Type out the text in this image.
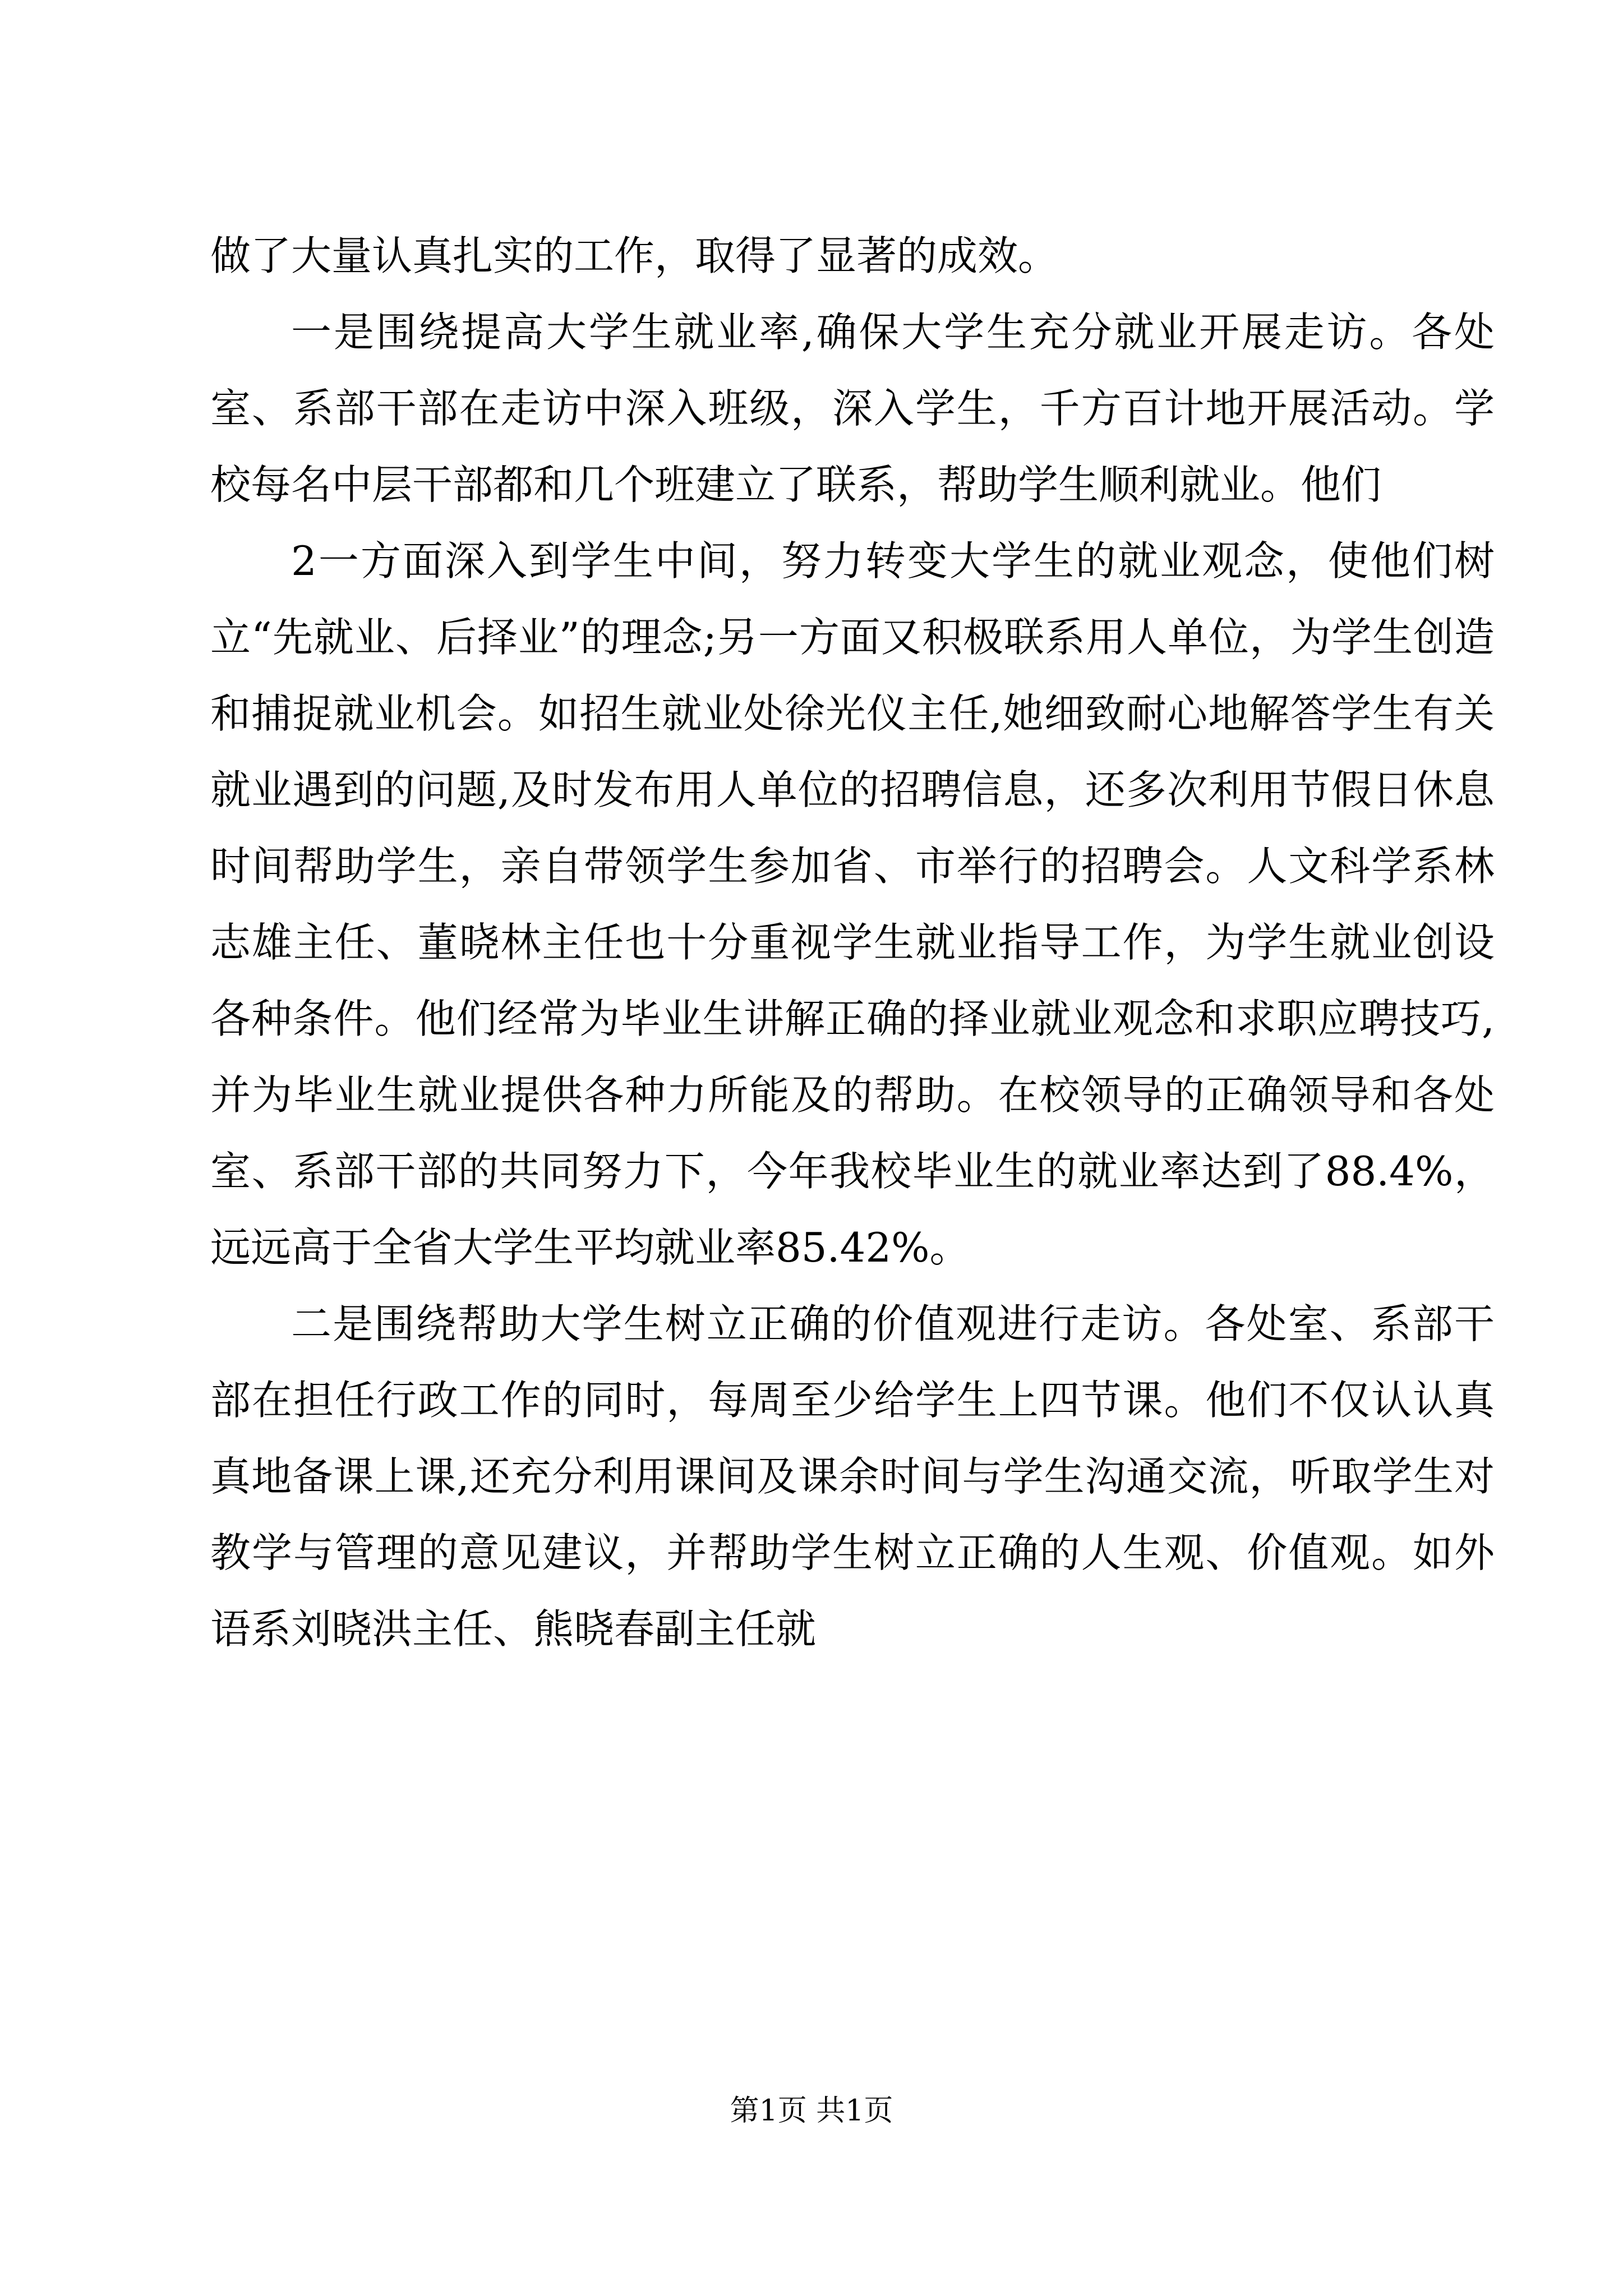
做了大量认真扎实的工作，取得了显著的成效。

一是围绕提高大学生就业率,确保大学生充分就业开展走访。各处室、系部干部在走访中深入班级，深入学生，千方百计地开展活动。学校每名中层干部都和几个班建立了联系，帮助学生顺利就业。他们

2一方面深入到学生中间，努力转变大学生的就业观念，使他们树立“先就业、后择业”的理念;另一方面又积极联系用人单位，为学生创造和捕捉就业机会。如招生就业处徐光仪主任,她细致耐心地解答学生有关就业遇到的问题,及时发布用人单位的招聘信息，还多次利用节假日休息时间帮助学生，亲自带领学生参加省、市举行的招聘会。人文科学系林志雄主任、董晓林主任也十分重视学生就业指导工作，为学生就业创设各种条件。他们经常为毕业生讲解正确的择业就业观念和求职应聘技巧,并为毕业生就业提供各种力所能及的帮助。在校领导的正确领导和各处室、系部干部的共同努力下，今年我校毕业生的就业率达到了88.4%，远远高于全省大学生平均就业率85.42%。

二是围绕帮助大学生树立正确的价值观进行走访。各处室、系部干部在担任行政工作的同时，每周至少给学生上四节课。他们不仅认认真真地备课上课,还充分利用课间及课余时间与学生沟通交流，听取学生对教学与管理的意见建议，并帮助学生树立正确的人生观、价值观。如外语系刘晓洪主任、熊晓春副主任就

第1页 共1页
